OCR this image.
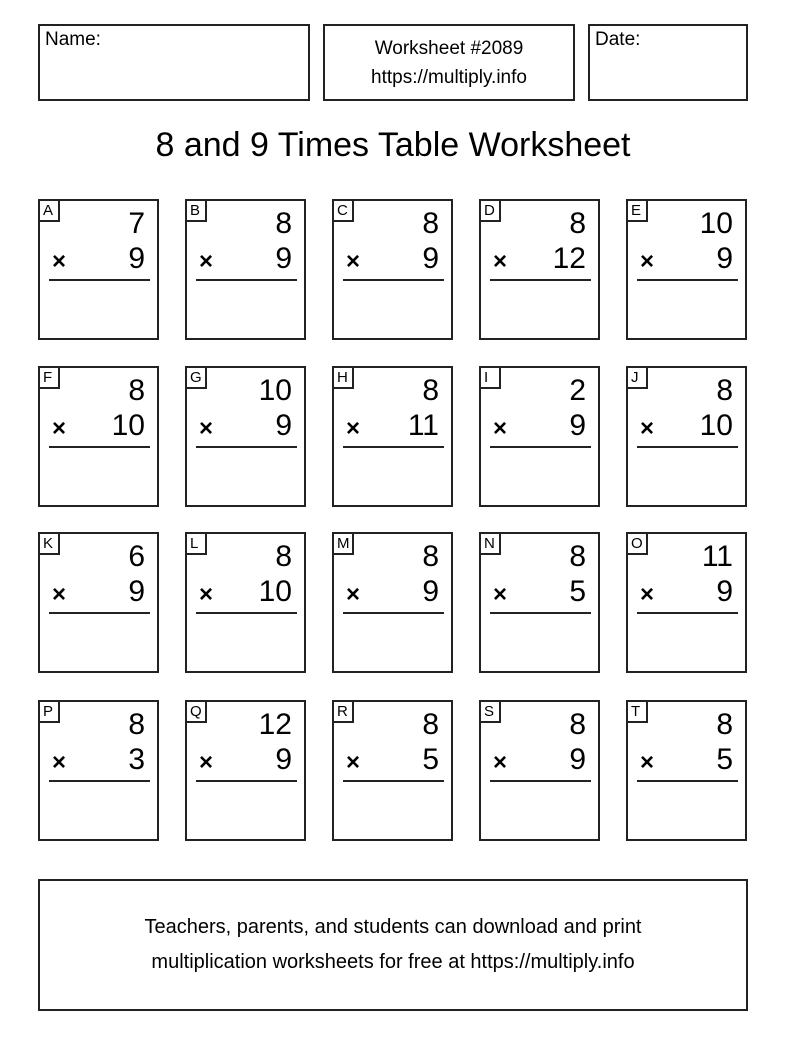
Name:	Worksheet #2089
https://multiply.info
Date:
8 and 9 Times Table Worksheet
A	7
× 9
B	8
× 9
C 8
× 9
D 8
× 12
E 10
× 9
F	8
× 10
G 10
× 9
H 8
× 11
I	2
× 9
J	8
× 10
K	6
× 9
L	8
× 10
M 8
× 9
N 8
× 5
O 11
× 9
P	8
× 3
Q 12
× 9
R 8
× 5
S	8
× 9
T	8
× 5
Teachers, parents, and students can download and print
multiplication worksheets for free at https://multiply.info
